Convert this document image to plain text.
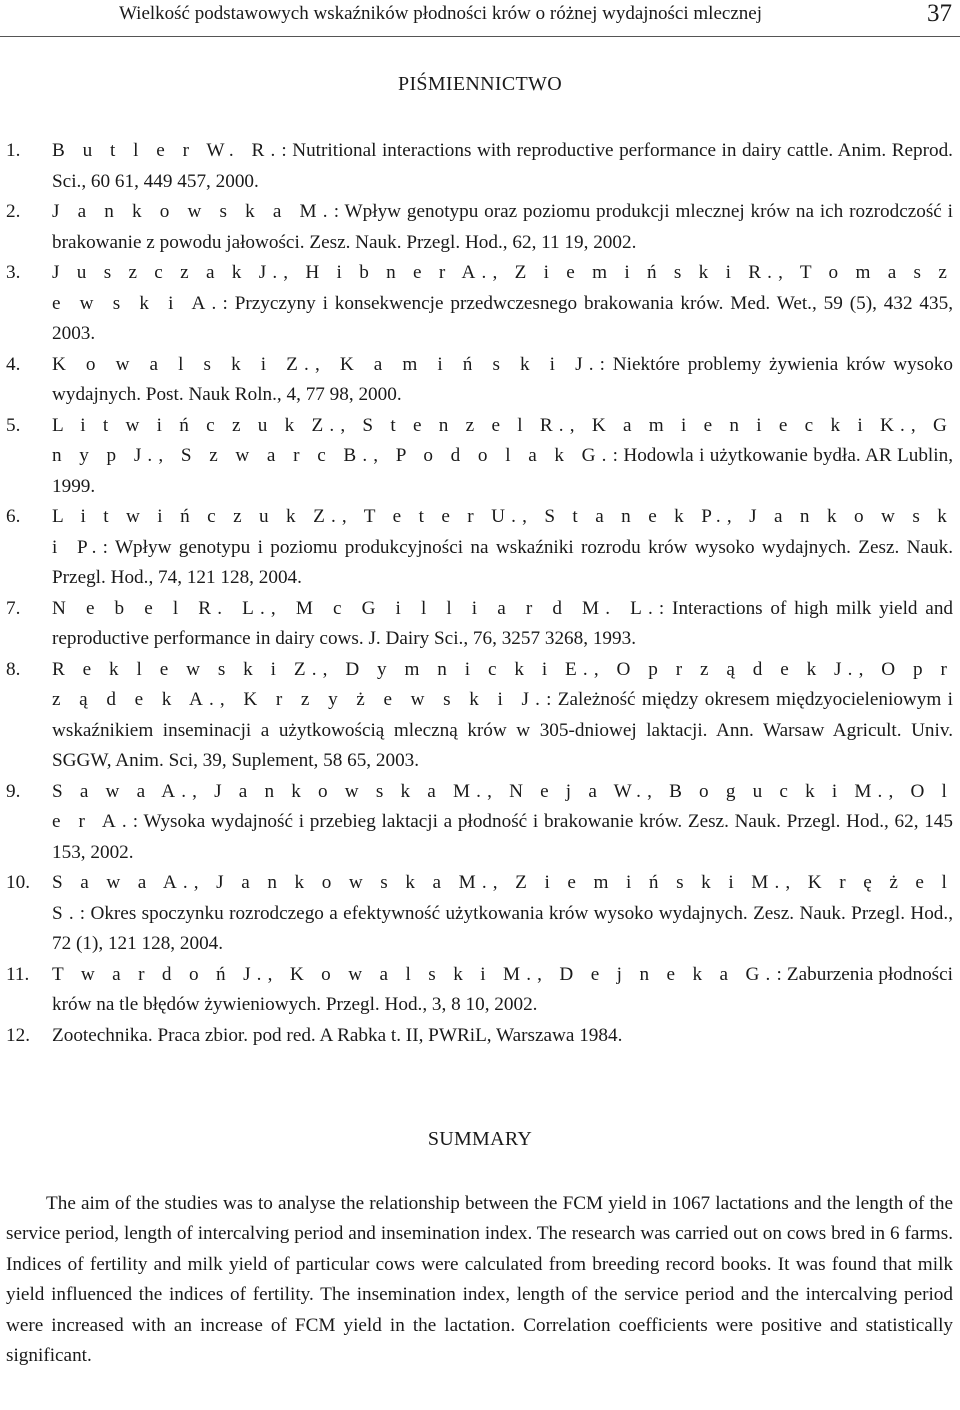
Wielkość podstawowych wskaźników płodności krów o różnej wydajności mlecznej	37
PIŚMIENNICTWO
1. B u t l e r W. R.: Nutritional interactions with reproductive performance in dairy cattle. Anim. Reprod. Sci., 60 61, 449 457, 2000.
2. J a n k o w s k a M.: Wpływ genotypu oraz poziomu produkcji mlecznej krów na ich rozrodczość i brakowanie z powodu jałowości. Zesz. Nauk. Przegl. Hod., 62, 11 19, 2002.
3. J u s z c z a k J., H i b n e r A., Z i e m i ń s k i R., T o m a s z e w s k i A.: Przyczyny i konsekwencje przedwczesnego brakowania krów. Med. Wet., 59 (5), 432 435, 2003.
4. K o w a l s k i Z., K a m i ń s k i J.: Niektóre problemy żywienia krów wysoko wydajnych. Post. Nauk Roln., 4, 77 98, 2000.
5. L i t w i ń c z u k Z., S t e n z e l R., K a m i e n i e c k i K., G n y p J., S z w a r c B., P o d o l a k G.: Hodowla i użytkowanie bydła. AR Lublin, 1999.
6. L i t w i ń c z u k Z., T e t e r U., S t a n e k P., J a n k o w s k i P.: Wpływ genotypu i poziomu produkcyjności na wskaźniki rozrodu krów wysoko wydajnych. Zesz. Nauk. Przegl. Hod., 74, 121 128, 2004.
7. N e b e l R. L., M c G i l l i a r d M. L.: Interactions of high milk yield and reproductive performance in dairy cows. J. Dairy Sci., 76, 3257 3268, 1993.
8. R e k l e w s k i Z., D y m n i c k i E., O p r z ą d e k J., O p r z ą d e k A., K r z y ż e w s k i J.: Zależność między okresem międzyocieleniowym i wskaźnikiem inseminacji a użytkowością mleczną krów w 305-dniowej laktacji. Ann. Warsaw Agricult. Univ. SGGW, Anim. Sci, 39, Suplement, 58 65, 2003.
9. S a w a A., J a n k o w s k a M., N e j a W., B o g u c k i M., O l e r A.: Wysoka wydajność i przebieg laktacji a płodność i brakowanie krów. Zesz. Nauk. Przegl. Hod., 62, 145 153, 2002.
10. S a w a A., J a n k o w s k a M., Z i e m i ń s k i M., K r ę ż e l S.: Okres spoczynku rozrodczego a efektywność użytkowania krów wysoko wydajnych. Zesz. Nauk. Przegl. Hod., 72 (1), 121 128, 2004.
11. T w a r d o ń J., K o w a l s k i M., D e j n e k a G.: Zaburzenia płodności krów na tle błędów żywieniowych. Przegl. Hod., 3, 8 10, 2002.
12. Zootechnika. Praca zbior. pod red. A Rabka t. II, PWRiL, Warszawa 1984.
SUMMARY

The aim of the studies was to analyse the relationship between the FCM yield in 1067 lactations and the length of the service period, length of intercalving period and insemination index. The research was carried out on cows bred in 6 farms. Indices of fertility and milk yield of particular cows were calculated from breeding record books. It was found that milk yield influenced the indices of fertility. The insemination index, length of the service period and the intercalving period were increased with an increase of FCM yield in the lactation. Correlation coefficients were positive and statistically significant.
